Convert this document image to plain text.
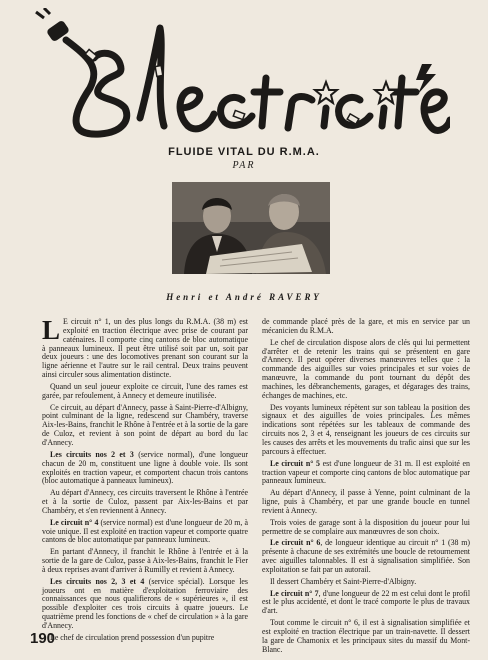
FLUIDE VITAL DU R.M.A.
PAR
Henri et André RAVERY

L E circuit n° 1, un des plus longs du R.M.A. (38 m) est exploité en traction électrique avec prise de courant par caténaires. Il comporte cinq cantons de bloc automatique à panneaux lumineux. Il peut être utilisé soit par un, soit par deux joueurs : une des locomotives prenant son courant sur la ligne aérienne et l'autre sur le rail central. Deux trains peuvent ainsi circuler sous alimentation distincte.

Quand un seul joueur exploite ce circuit, l'une des rames est garée, par refoulement, à Annecy et demeure inutilisée.

Ce circuit, au départ d'Annecy, passe à Saint-Pierre-d'Albigny, point culminant de la ligne, redescend sur Chambéry, traverse Aix-les-Bains, franchit le Rhône à l'entrée et à la sortie de la gare de Culoz, et revient à son point de départ au bord du lac d'Annecy.

Les circuits nos 2 et 3 (service normal), d'une longueur chacun de 20 m, constituent une ligne à double voie. Ils sont exploités en traction vapeur, et comportent chacun trois cantons (bloc automatique à panneaux lumineux).

Au départ d'Annecy, ces circuits traversent le Rhône à l'entrée et à la sortie de Culoz, passent par Aix-les-Bains et par Chambéry, et s'en reviennent à Annecy.

Le circuit n° 4 (service normal) est d'une longueur de 20 m, à voie unique. Il est exploité en traction vapeur et comporte quatre cantons de bloc automatique par panneaux lumineux.

En partant d'Annecy, il franchit le Rhône à l'entrée et à la sortie de la gare de Culoz, passe à Aix-les-Bains, franchit le Fier à deux reprises avant d'arriver à Rumilly et revient à Annecy.

Les circuits nos 2, 3 et 4 (service spécial). Lorsque les joueurs ont en matière d'exploitation ferroviaire des connaissances que nous qualifierons de « supérieures », il est possible d'exploiter ces trois circuits à quatre joueurs. Le quatrième prend les fonctions de « chef de circulation » à la gare d'Annecy.

Le chef de circulation prend possession d'un pupitre

de commande placé près de la gare, et mis en service par un mécanicien du R.M.A.

Le chef de circulation dispose alors de clés qui lui permettent d'arrêter et de retenir les trains qui se présentent en gare d'Annecy. Il peut opérer diverses manœuvres telles que : la commande des aiguilles sur voies principales et sur voies de manœuvre, la commande du pont tournant du dépôt des machines, les débranchements, garages, et dégarages des trains, échanges de machines, etc.

Des voyants lumineux répètent sur son tableau la position des signaux et des aiguilles de voies principales. Les mêmes indications sont répétées sur les tableaux de commande des circuits nos 2, 3 et 4, renseignant les joueurs de ces circuits sur les causes des arrêts et les mouvements du trafic ainsi que sur les parcours à effectuer.

Le circuit n° 5 est d'une longueur de 31 m. Il est exploité en traction vapeur et comporte cinq cantons de bloc automatique par panneaux lumineux.

Au départ d'Annecy, il passe à Yenne, point culminant de la ligne, puis à Chambéry, et par une grande boucle en tunnel revient à Annecy.

Trois voies de garage sont à la disposition du joueur pour lui permettre de se complaire aux manœuvres de son choix.

Le circuit n° 6, de longueur identique au circuit n° 1 (38 m) présente à chacune de ses extrémités une boucle de retournement avec aiguilles talonnables. Il est à signalisation simplifiée. Son exploitation se fait par un autorail.

Il dessert Chambéry et Saint-Pierre-d'Albigny.

Le circuit n° 7, d'une longueur de 22 m est celui dont le profil est le plus accidenté, et dont le tracé comporte le plus de travaux d'art.

Tout comme le circuit n° 6, il est à signalisation simplifiée et est exploité en traction électrique par un train-navette. Il dessert la gare de Chamonix et les principaux sites du massif du Mont-Blanc.

190
